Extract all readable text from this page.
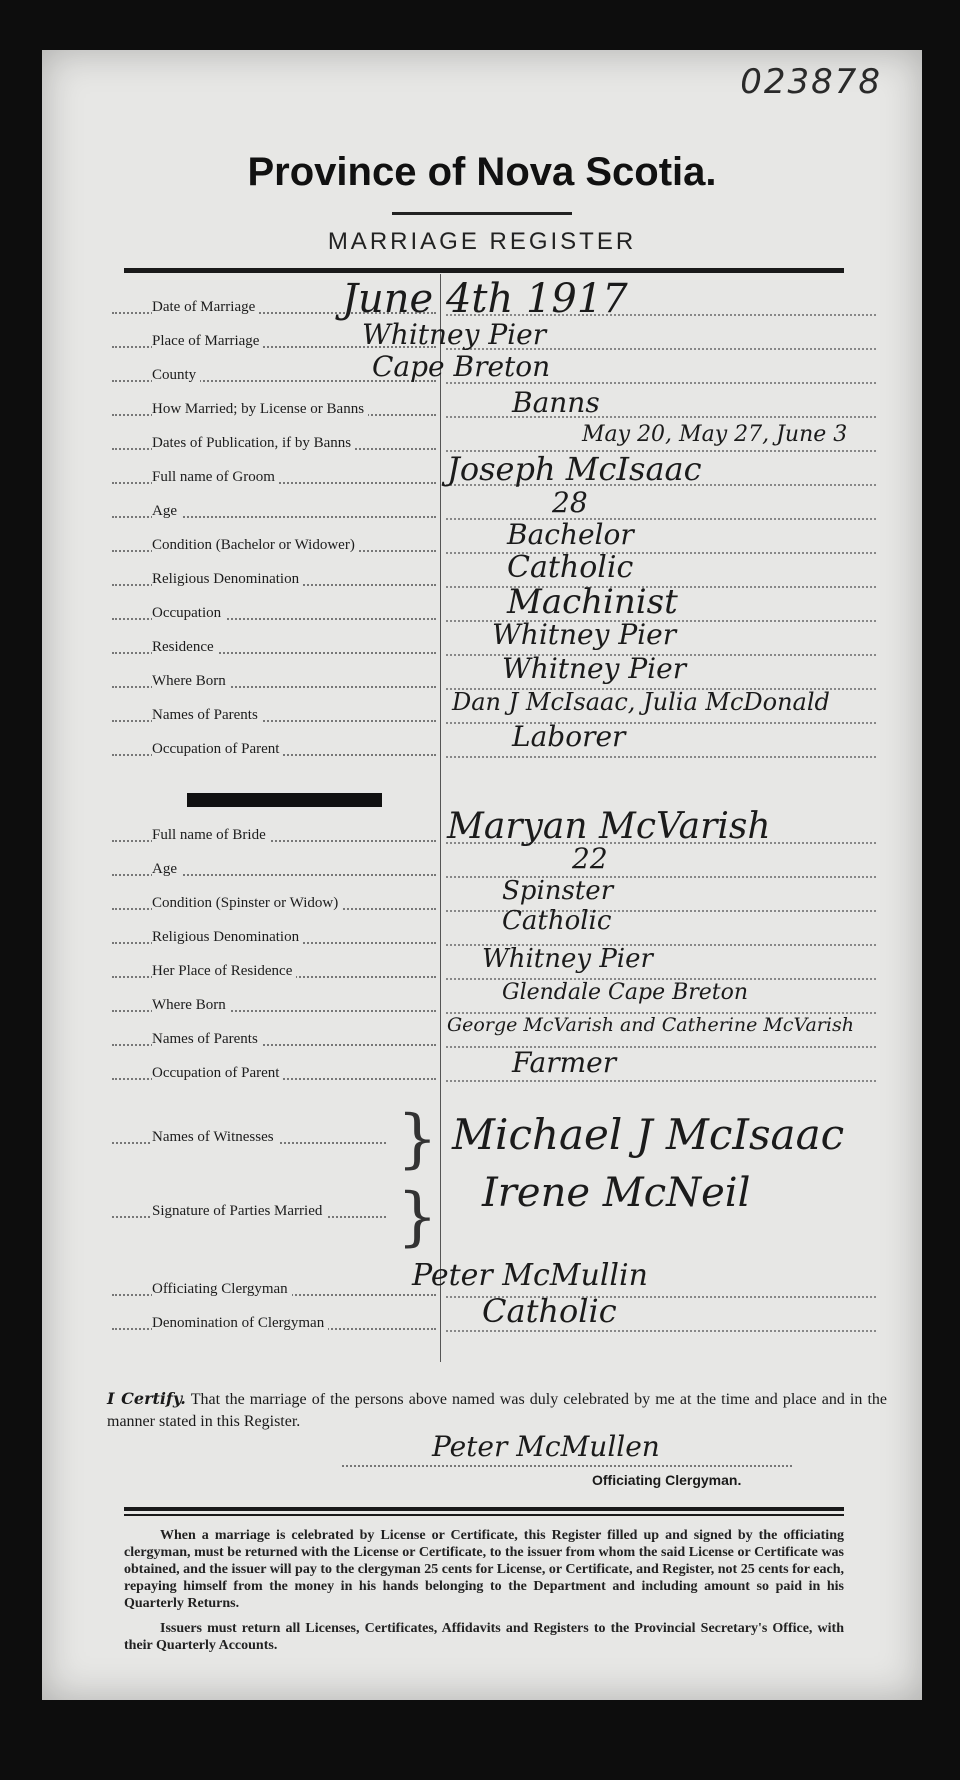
023878
Province of Nova Scotia.
MARRIAGE REGISTER
Date of Marriage
Place of Marriage
County
How Married; by License or Banns
Dates of Publication, if by Banns
Full name of Groom
Age
Condition (Bachelor or Widower)
Religious Denomination
Occupation
Residence
Where Born
Names of Parents
Occupation of Parent
June 4th 1917
Whitney Pier
Cape Breton
Banns
May 20, May 27, June 3
Joseph McIsaac
28
Bachelor
Catholic
Machinist
Whitney Pier
Whitney Pier
Dan J McIsaac, Julia McDonald
Laborer
Full name of Bride
Age
Condition (Spinster or Widow)
Religious Denomination
Her Place of Residence
Where Born
Names of Parents
Occupation of Parent
Maryan McVarish
22
Spinster
Catholic
Whitney Pier
Glendale Cape Breton
George McVarish and Catherine McVarish
Farmer
Names of Witnesses
Signature of Parties Married
}
}
Michael J McIsaac
Irene McNeil
Officiating Clergyman
Denomination of Clergyman
Peter McMullin
Catholic
I Certify. That the marriage of the persons above named was duly celebrated by me at the time and place and in the manner stated in this Register.
Peter McMullen
Officiating Clergyman.

When a marriage is celebrated by License or Certificate, this Register filled up and signed by the officiating clergyman, must be returned with the License or Certificate, to the issuer from whom the said License or Certificate was obtained, and the issuer will pay to the clergyman 25 cents for License, or Certificate, and Register, not 25 cents for each, repaying himself from the money in his hands belonging to the Department and including amount so paid in his Quarterly Returns.

Issuers must return all Licenses, Certificates, Affidavits and Registers to the Provincial Secretary's Office, with their Quarterly Accounts.
